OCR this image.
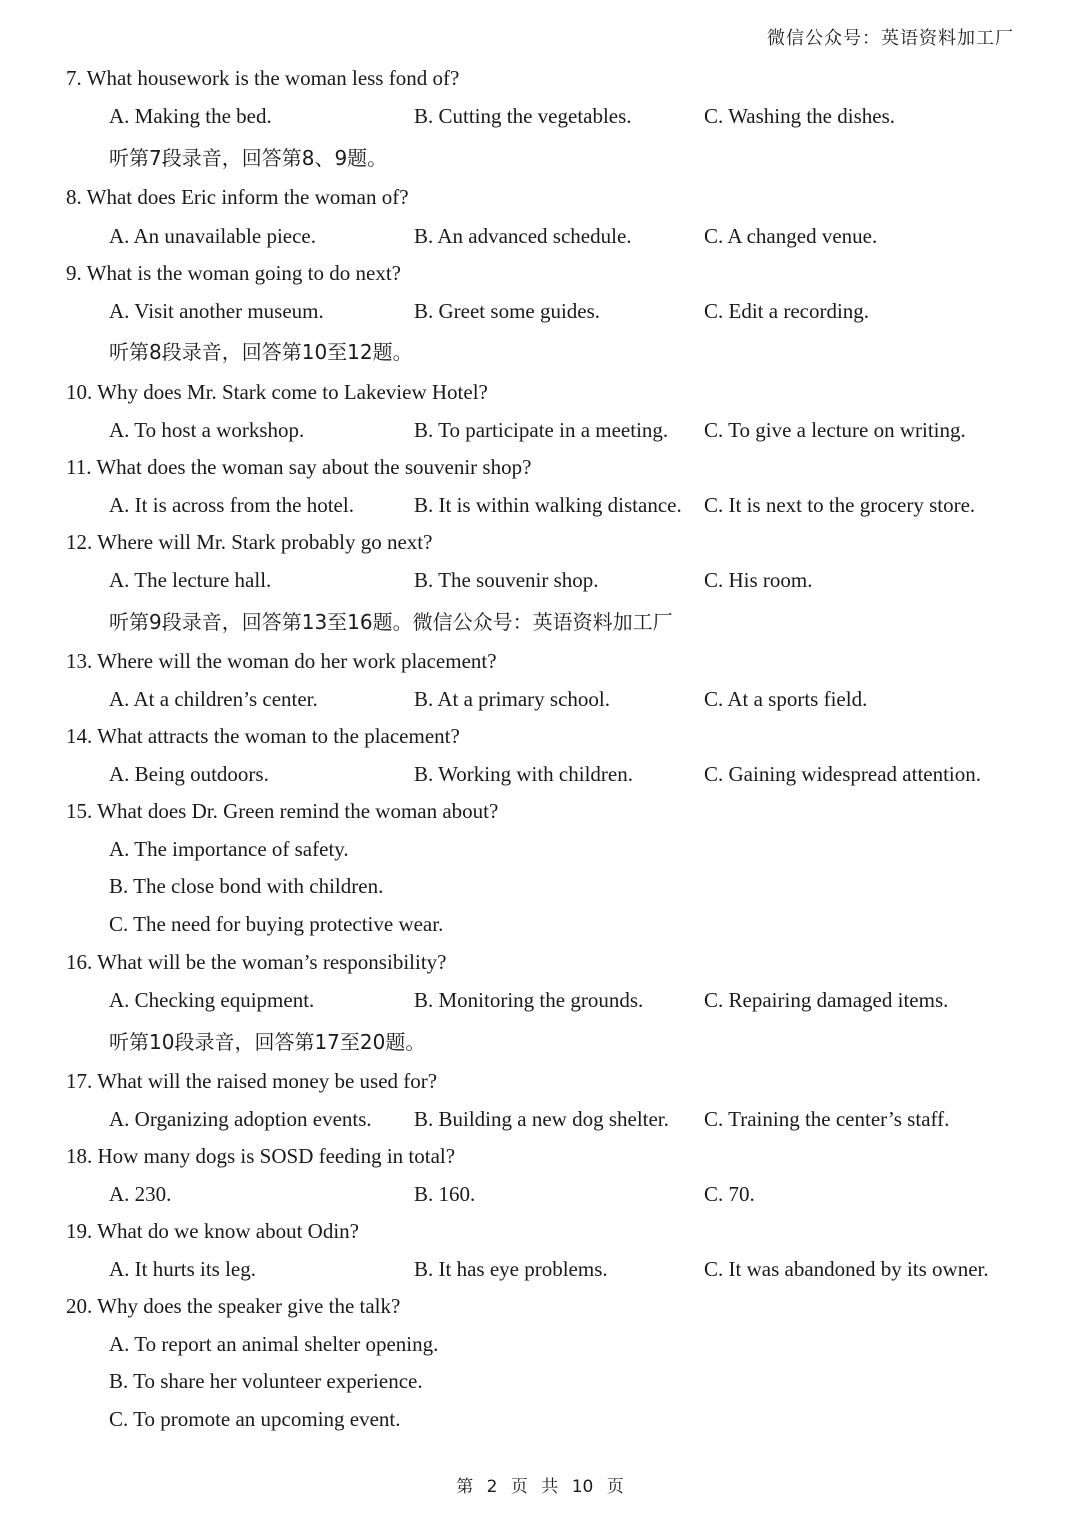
微信公众号：英语资料加工厂
7. What housework is the woman less fond of?
A. Making the bed.	B. Cutting the vegetables.	C. Washing the dishes.
听第7段录音，回答第8、9题。
8. What does Eric inform the woman of?
A. An unavailable piece.	B. An advanced schedule.	C. A changed venue.
9. What is the woman going to do next?
A. Visit another museum.	B. Greet some guides.	C. Edit a recording.
听第8段录音，回答第10至12题。
10. Why does Mr. Stark come to Lakeview Hotel?
A. To host a workshop.	B. To participate in a meeting. C. To give a lecture on writing.
11. What does the woman say about the souvenir shop?
A. It is across from the hotel.	B. It is within walking distance. C. It is next to the grocery store.
12. Where will Mr. Stark probably go next?
A. The lecture hall.	B. The souvenir shop.	C. His room.
听第9段录音，回答第13至16题。微信公众号：英语资料加工厂
13. Where will the woman do her work placement?
A. At a children’s center.	B. At a primary school.	C. At a sports field.
14. What attracts the woman to the placement?
A. Being outdoors.	B. Working with children.	C. Gaining widespread attention.
15. What does Dr. Green remind the woman about?
A. The importance of safety.
B. The close bond with children.
C. The need for buying protective wear.
16. What will be the woman’s responsibility?
A. Checking equipment.	B. Monitoring the grounds.	C. Repairing damaged items.
听第10段录音，回答第17至20题。
17. What will the raised money be used for?
A. Organizing adoption events. B. Building a new dog shelter. C. Training the center’s staff.
18. How many dogs is SOSD feeding in total?
A. 230.	B. 160.	C. 70.
19. What do we know about Odin?
A. It hurts its leg.	B. It has eye problems.	C. It was abandoned by its owner.
20. Why does the speaker give the talk?
A. To report an animal shelter opening.
B. To share her volunteer experience.
C. To promote an upcoming event.
第 2 页 共 10 页
